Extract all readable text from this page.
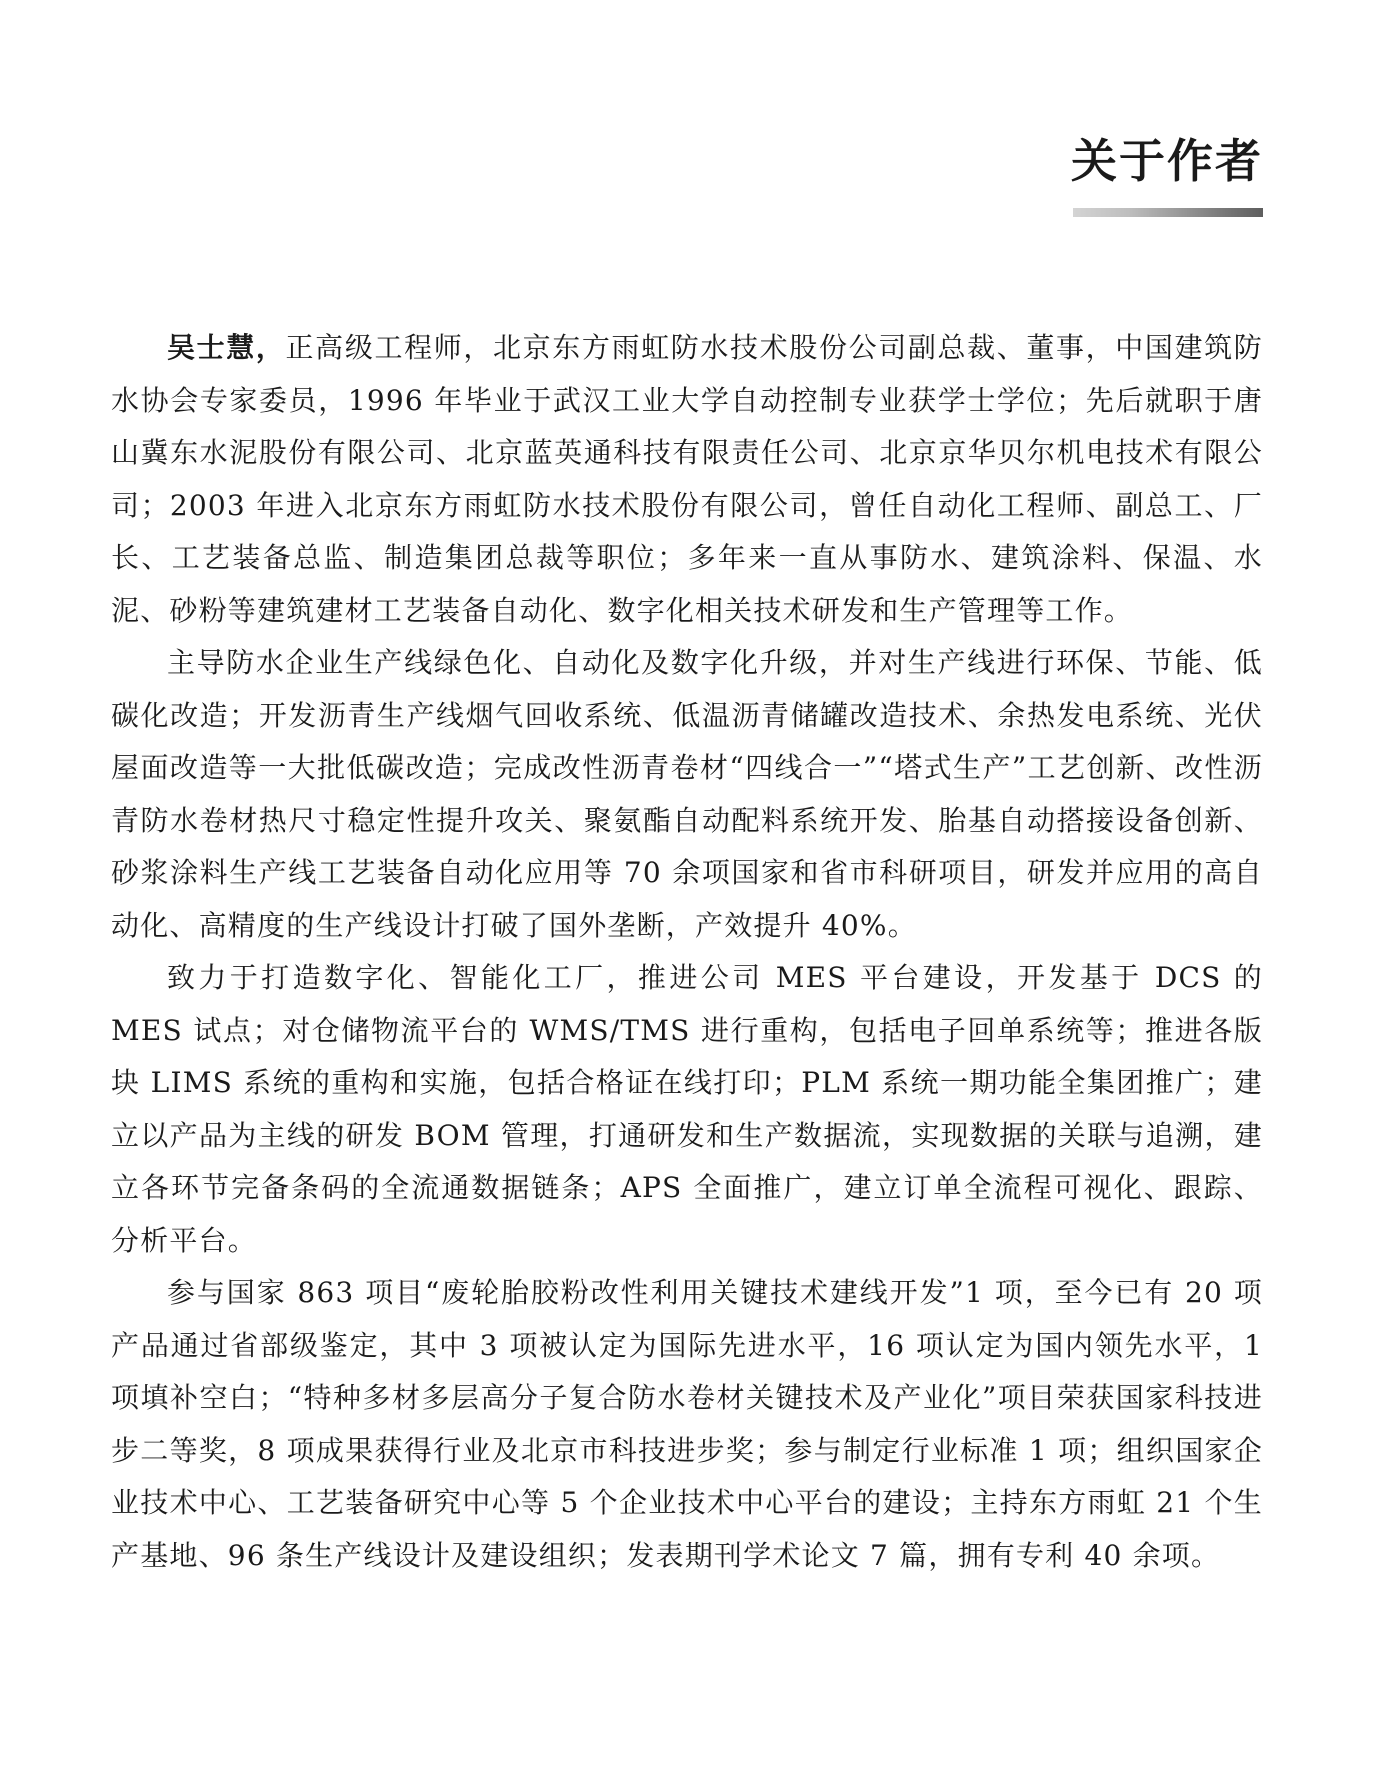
关于作者

吴士慧，正高级工程师，北京东方雨虹防水技术股份公司副总裁、董事，中国建筑防水协会专家委员，1996 年毕业于武汉工业大学自动控制专业获学士学位；先后就职于唐山冀东水泥股份有限公司、北京蓝英通科技有限责任公司、北京京华贝尔机电技术有限公司；2003 年进入北京东方雨虹防水技术股份有限公司，曾任自动化工程师、副总工、厂长、工艺装备总监、制造集团总裁等职位；多年来一直从事防水、建筑涂料、保温、水泥、砂粉等建筑建材工艺装备自动化、数字化相关技术研发和生产管理等工作。

主导防水企业生产线绿色化、自动化及数字化升级，并对生产线进行环保、节能、低碳化改造；开发沥青生产线烟气回收系统、低温沥青储罐改造技术、余热发电系统、光伏屋面改造等一大批低碳改造；完成改性沥青卷材“四线合一”“塔式生产”工艺创新、改性沥青防水卷材热尺寸稳定性提升攻关、聚氨酯自动配料系统开发、胎基自动搭接设备创新、砂浆涂料生产线工艺装备自动化应用等 70 余项国家和省市科研项目，研发并应用的高自动化、高精度的生产线设计打破了国外垄断，产效提升 40%。

致力于打造数字化、智能化工厂，推进公司 MES 平台建设，开发基于 DCS 的 MES 试点；对仓储物流平台的 WMS/TMS 进行重构，包括电子回单系统等；推进各版块 LIMS 系统的重构和实施，包括合格证在线打印；PLM 系统一期功能全集团推广；建立以产品为主线的研发 BOM 管理，打通研发和生产数据流，实现数据的关联与追溯，建立各环节完备条码的全流通数据链条；APS 全面推广，建立订单全流程可视化、跟踪、分析平台。

参与国家 863 项目“废轮胎胶粉改性利用关键技术建线开发”1 项，至今已有 20 项产品通过省部级鉴定，其中 3 项被认定为国际先进水平，16 项认定为国内领先水平，1 项填补空白；“特种多材多层高分子复合防水卷材关键技术及产业化”项目荣获国家科技进步二等奖，8 项成果获得行业及北京市科技进步奖；参与制定行业标准 1 项；组织国家企业技术中心、工艺装备研究中心等 5 个企业技术中心平台的建设；主持东方雨虹 21 个生产基地、96 条生产线设计及建设组织；发表期刊学术论文 7 篇，拥有专利 40 余项。
